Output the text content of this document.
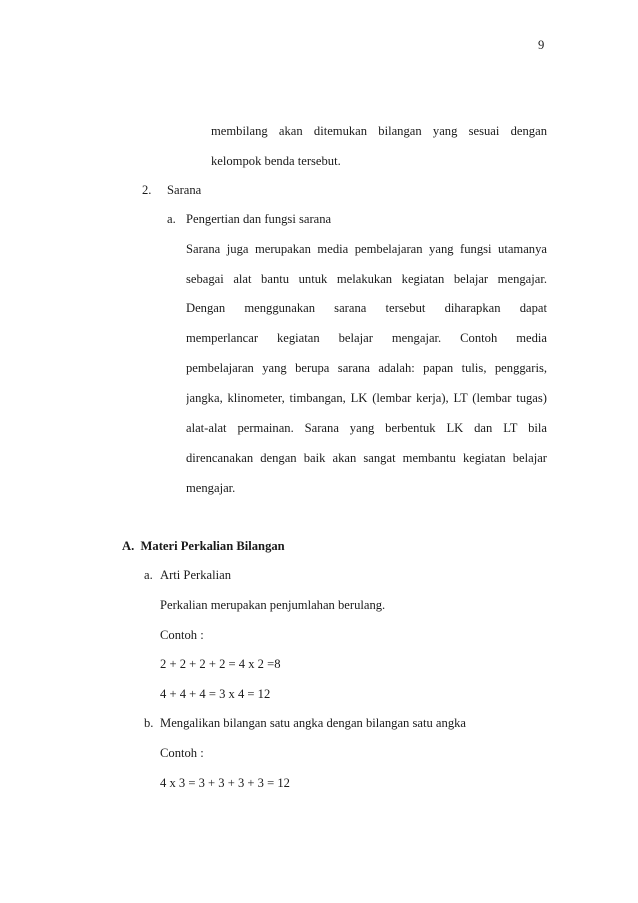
9
membilang akan ditemukan bilangan yang sesuai dengan
kelompok benda tersebut.
2. Sarana
a. Pengertian dan fungsi sarana
Sarana juga merupakan media pembelajaran yang fungsi utamanya
sebagai alat bantu untuk melakukan kegiatan belajar mengajar.
Dengan menggunakan sarana tersebut diharapkan dapat
memperlancar kegiatan belajar mengajar. Contoh media
pembelajaran yang berupa sarana adalah: papan tulis, penggaris,
jangka, klinometer, timbangan, LK (lembar kerja), LT (lembar tugas)
alat-alat permainan. Sarana yang berbentuk LK dan LT bila
direncanakan dengan baik akan sangat membantu kegiatan belajar
mengajar.
A.  Materi Perkalian Bilangan
a. Arti Perkalian
Perkalian merupakan penjumlahan berulang.
Contoh :
2 + 2 + 2 + 2 = 4 x 2 =8
4 + 4 + 4 = 3 x 4 = 12
b. Mengalikan bilangan satu angka dengan bilangan satu angka
Contoh :
4 x 3 = 3 + 3 + 3 + 3 = 12
